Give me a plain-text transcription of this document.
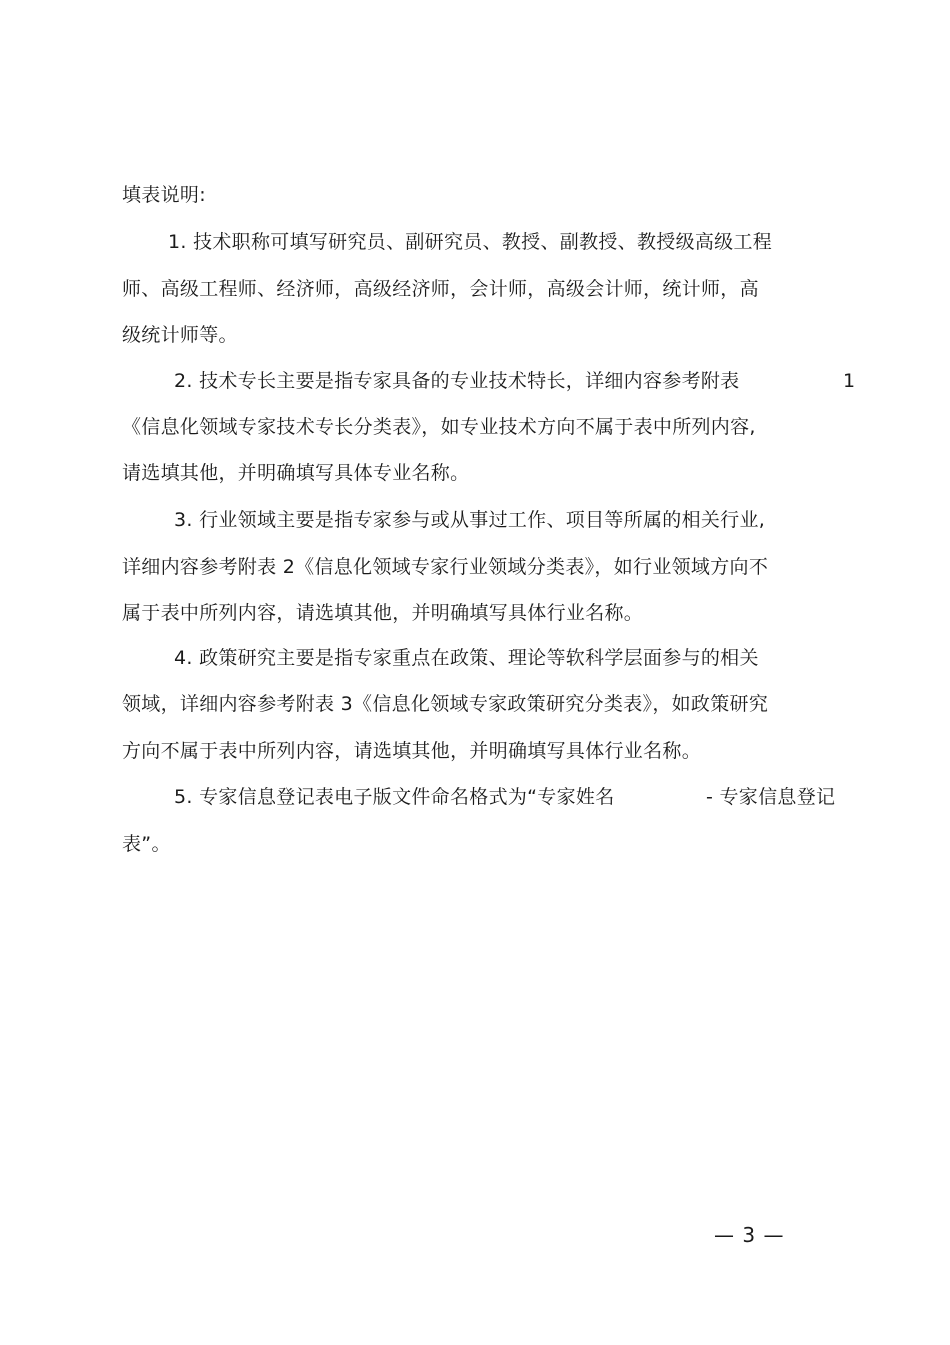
填表说明:
1. 技术职称可填写研究员、副研究员、教授、副教授、教授级高级工程
师、高级工程师、经济师，高级经济师，会计师，高级会计师，统计师，高
级统计师等。
2. 技术专长主要是指专家具备的专业技术特长，详细内容参考附表	1
《信息化领域专家技术专长分类表》，如专业技术方向不属于表中所列内容,
请选填其他，并明确填写具体专业名称。
3. 行业领域主要是指专家参与或从事过工作、项目等所属的相关行业,
详细内容参考附表 2《信息化领域专家行业领域分类表》，如行业领域方向不
属于表中所列内容，请选填其他，并明确填写具体行业名称。
4. 政策研究主要是指专家重点在政策、理论等软科学层面参与的相关
领域，详细内容参考附表 3《信息化领域专家政策研究分类表》，如政策研究
方向不属于表中所列内容，请选填其他，并明确填写具体行业名称。
5. 专家信息登记表电子版文件命名格式为“专家姓名	- 专家信息登记
表”。
— 3 —
